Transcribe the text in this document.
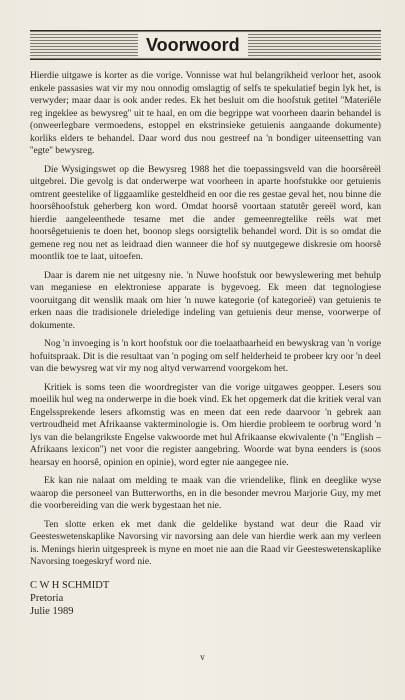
Voorwoord

Hierdie uitgawe is korter as die vorige. Vonnisse wat hul belangrikheid verloor het, asook enkele passasies wat vir my nou onnodig omslagtig of selfs te spekulatief begin lyk het, is verwyder; maar daar is ook ander redes. Ek het besluit om die hoofstuk getitel ''Materiële reg ingeklee as bewysreg'' uit te haal, en om die begrippe wat voorheen daarin behandel is (onweerlegbare vermoedens, estoppel en ekstrinsieke getuienis aangaande dokumente) korliks elders te behandel. Daar word dus nou gestreef na 'n bondiger uiteensetting van ''egte'' bewysreg.

Die Wysigingswet op die Bewysreg 1988 het die toepassingsveld van die hoorsêreël uitgebrei. Die gevolg is dat onderwerpe wat voorheen in aparte hoofstukke oor getuienis omtrent geestelike of liggaamlike gesteldheid en oor die res gestae geval het, nou binne die hoorsêhoofstuk geherberg kon word. Omdat hoorsê voortaan statutêr gereël word, kan hierdie aangeleenthede tesame met die ander gemeenregtelike reëls wat met hoorsêgetuienis te doen het, boonop slegs oorsigtelik behandel word. Dit is so omdat die gemene reg nou net as leidraad dien wanneer die hof sy nuutgegewe diskresie om hoorsê moontlik toe te laat, uitoefen.

Daar is darem nie net uitgesny nie. 'n Nuwe hoofstuk oor bewyslewering met behulp van meganiese en elektroniese apparate is bygevoeg. Ek meen dat tegnologiese vooruitgang dit wenslik maak om hier 'n nuwe kategorie (of kategorieë) van getuienis te erken naas die tradisionele drieledige indeling van getuienis deur mense, voorwerpe of dokumente.

Nog 'n invoeging is 'n kort hoofstuk oor die toelaatbaarheid en bewyskrag van 'n vorige hofuitspraak. Dit is die resultaat van 'n poging om self helderheid te probeer kry oor 'n deel van die bewysreg wat vir my nog altyd verwarrend voorgekom het.

Kritiek is soms teen die woordregister van die vorige uitgawes geopper. Lesers sou moeilik hul weg na onderwerpe in die boek vind. Ek het opgemerk dat die kritiek veral van Engelssprekende lesers afkomstig was en meen dat een rede daarvoor 'n gebrek aan vertroudheid met Afrikaanse vakterminologie is. Om hierdie probleem te oorbrug word 'n lys van die belangrikste Engelse vakwoorde met hul Afrikaanse ekwivalente ('n ''English – Afrikaans lexicon'') net voor die register aangebring. Woorde wat byna eenders is (soos hearsay en hoorsê, opinion en opinie), word egter nie aangegee nie.

Ek kan nie nalaat om melding te maak van die vriendelike, flink en deeglike wyse waarop die personeel van Butterworths, en in die besonder mevrou Marjorie Guy, my met die voorbereiding van die werk bygestaan het nie.

Ten slotte erken ek met dank die geldelike bystand wat deur die Raad vir Geesteswetenskaplike Navorsing vir navorsing aan dele van hierdie werk aan my verleen is. Menings hierin uitgespreek is myne en moet nie aan die Raad vir Geesteswetenskaplike Navorsing toegeskryf word nie.

C W H SCHMIDT
Pretoria
Julie 1989
v
